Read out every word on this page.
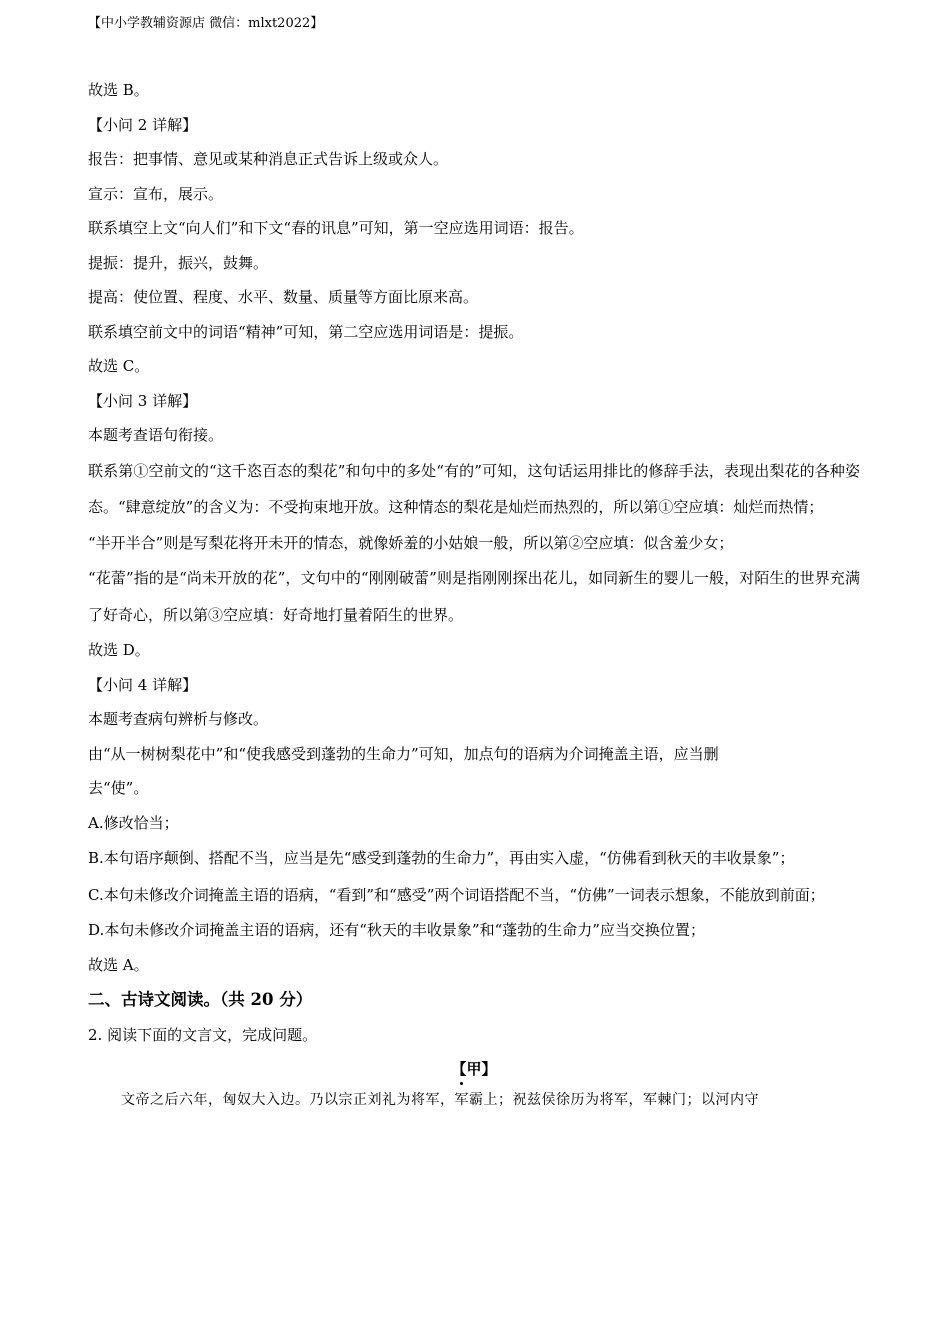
【中小学教辅资源店 微信：mlxt2022】
故选 B。
【小问 2 详解】
报告：把事情、意见或某种消息正式告诉上级或众人。
宣示：宣布，展示。
联系填空上文“向人们”和下文“春的讯息”可知，第一空应选用词语：报告。
提振：提升，振兴，鼓舞。
提高：使位置、程度、水平、数量、质量等方面比原来高。
联系填空前文中的词语“精神”可知，第二空应选用词语是：提振。
故选 C。
【小问 3 详解】
本题考查语句衔接。
联系第①空前文的“这千恣百态的梨花”和句中的多处“有的”可知，这句话运用排比的修辞手法，表现出梨花的各种姿态。“肆意绽放”的含义为：不受拘束地开放。这种情态的梨花是灿烂而热烈的，所以第①空应填：灿烂而热情；
“半开半合”则是写梨花将开未开的情态，就像娇羞的小姑娘一般，所以第②空应填：似含羞少女；
“花蕾”指的是“尚未开放的花”，文句中的“刚刚破蕾”则是指刚刚探出花儿，如同新生的婴儿一般，对陌生的世界充满了好奇心，所以第③空应填：好奇地打量着陌生的世界。
故选 D。
【小问 4 详解】
本题考查病句辨析与修改。
由“从一树树梨花中”和“使我感受到蓬勃的生命力”可知，加点句的语病为介词掩盖主语，应当删
去“使”。
A.修改恰当；
B.本句语序颠倒、搭配不当，应当是先“感受到蓬勃的生命力”，再由实入虚，“仿佛看到秋天的丰收景象”；
C.本句未修改介词掩盖主语的语病，“看到”和“感受”两个词语搭配不当，“仿佛”一词表示想象，不能放到前面；
D.本句未修改介词掩盖主语的语病，还有“秋天的丰收景象”和“蓬勃的生命力”应当交换位置；
故选 A。
二、古诗文阅读。（共 20 分）
2. 阅读下面的文言文，完成问题。
【甲】
文帝之后六年，匈奴大入边。乃以宗正刘礼为将军，军霸上；祝兹侯徐历为将军，军棘门；以河内守
